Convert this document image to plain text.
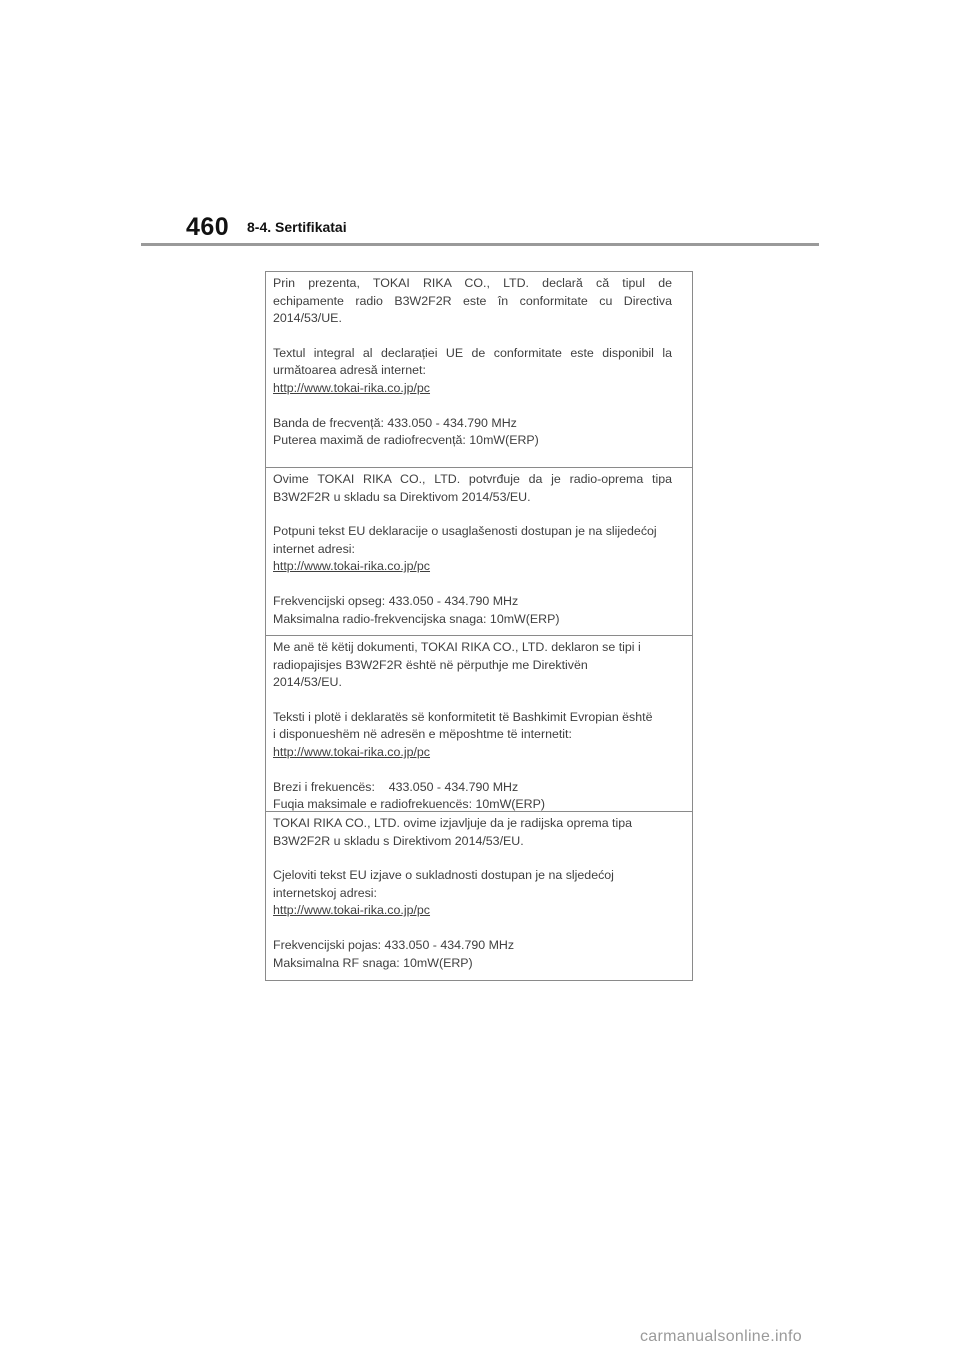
460 8-4. Sertifikatai

Prin prezenta, TOKAI RIKA CO., LTD. declară că tipul de

echipamente radio B3W2F2R este în conformitate cu Directiva

2014/53/UE.

Textul integral al declarației UE de conformitate este disponibil la

următoarea adresă internet:

http://www.tokai-rika.co.jp/pc

Banda de frecvență: 433.050 - 434.790 MHz

Puterea maximă de radiofrecvență: 10mW(ERP)

Ovime TOKAI RIKA CO., LTD. potvrđuje da je radio-oprema tipa

B3W2F2R u skladu sa Direktivom 2014/53/EU.

Potpuni tekst EU deklaracije o usaglašenosti dostupan je na slijedećoj

internet adresi:

http://www.tokai-rika.co.jp/pc

Frekvencijski opseg: 433.050 - 434.790 MHz

Maksimalna radio-frekvencijska snaga: 10mW(ERP)

Me anë të këtij dokumenti, TOKAI RIKA CO., LTD. deklaron se tipi i

radiopajisjes B3W2F2R është në përputhje me Direktivën

2014/53/EU.

Teksti i plotë i deklaratës së konformitetit të Bashkimit Evropian është

i disponueshëm në adresën e mëposhtme të internetit:

http://www.tokai-rika.co.jp/pc

Brezi i frekuencës:    433.050 - 434.790 MHz

Fuqia maksimale e radiofrekuencës: 10mW(ERP)

TOKAI RIKA CO., LTD. ovime izjavljuje da je radijska oprema tipa

B3W2F2R u skladu s Direktivom 2014/53/EU.

Cjeloviti tekst EU izjave o sukladnosti dostupan je na sljedećoj

internetskoj adresi:

http://www.tokai-rika.co.jp/pc

Frekvencijski pojas: 433.050 - 434.790 MHz

Maksimalna RF snaga: 10mW(ERP)

carmanualsonline.info
